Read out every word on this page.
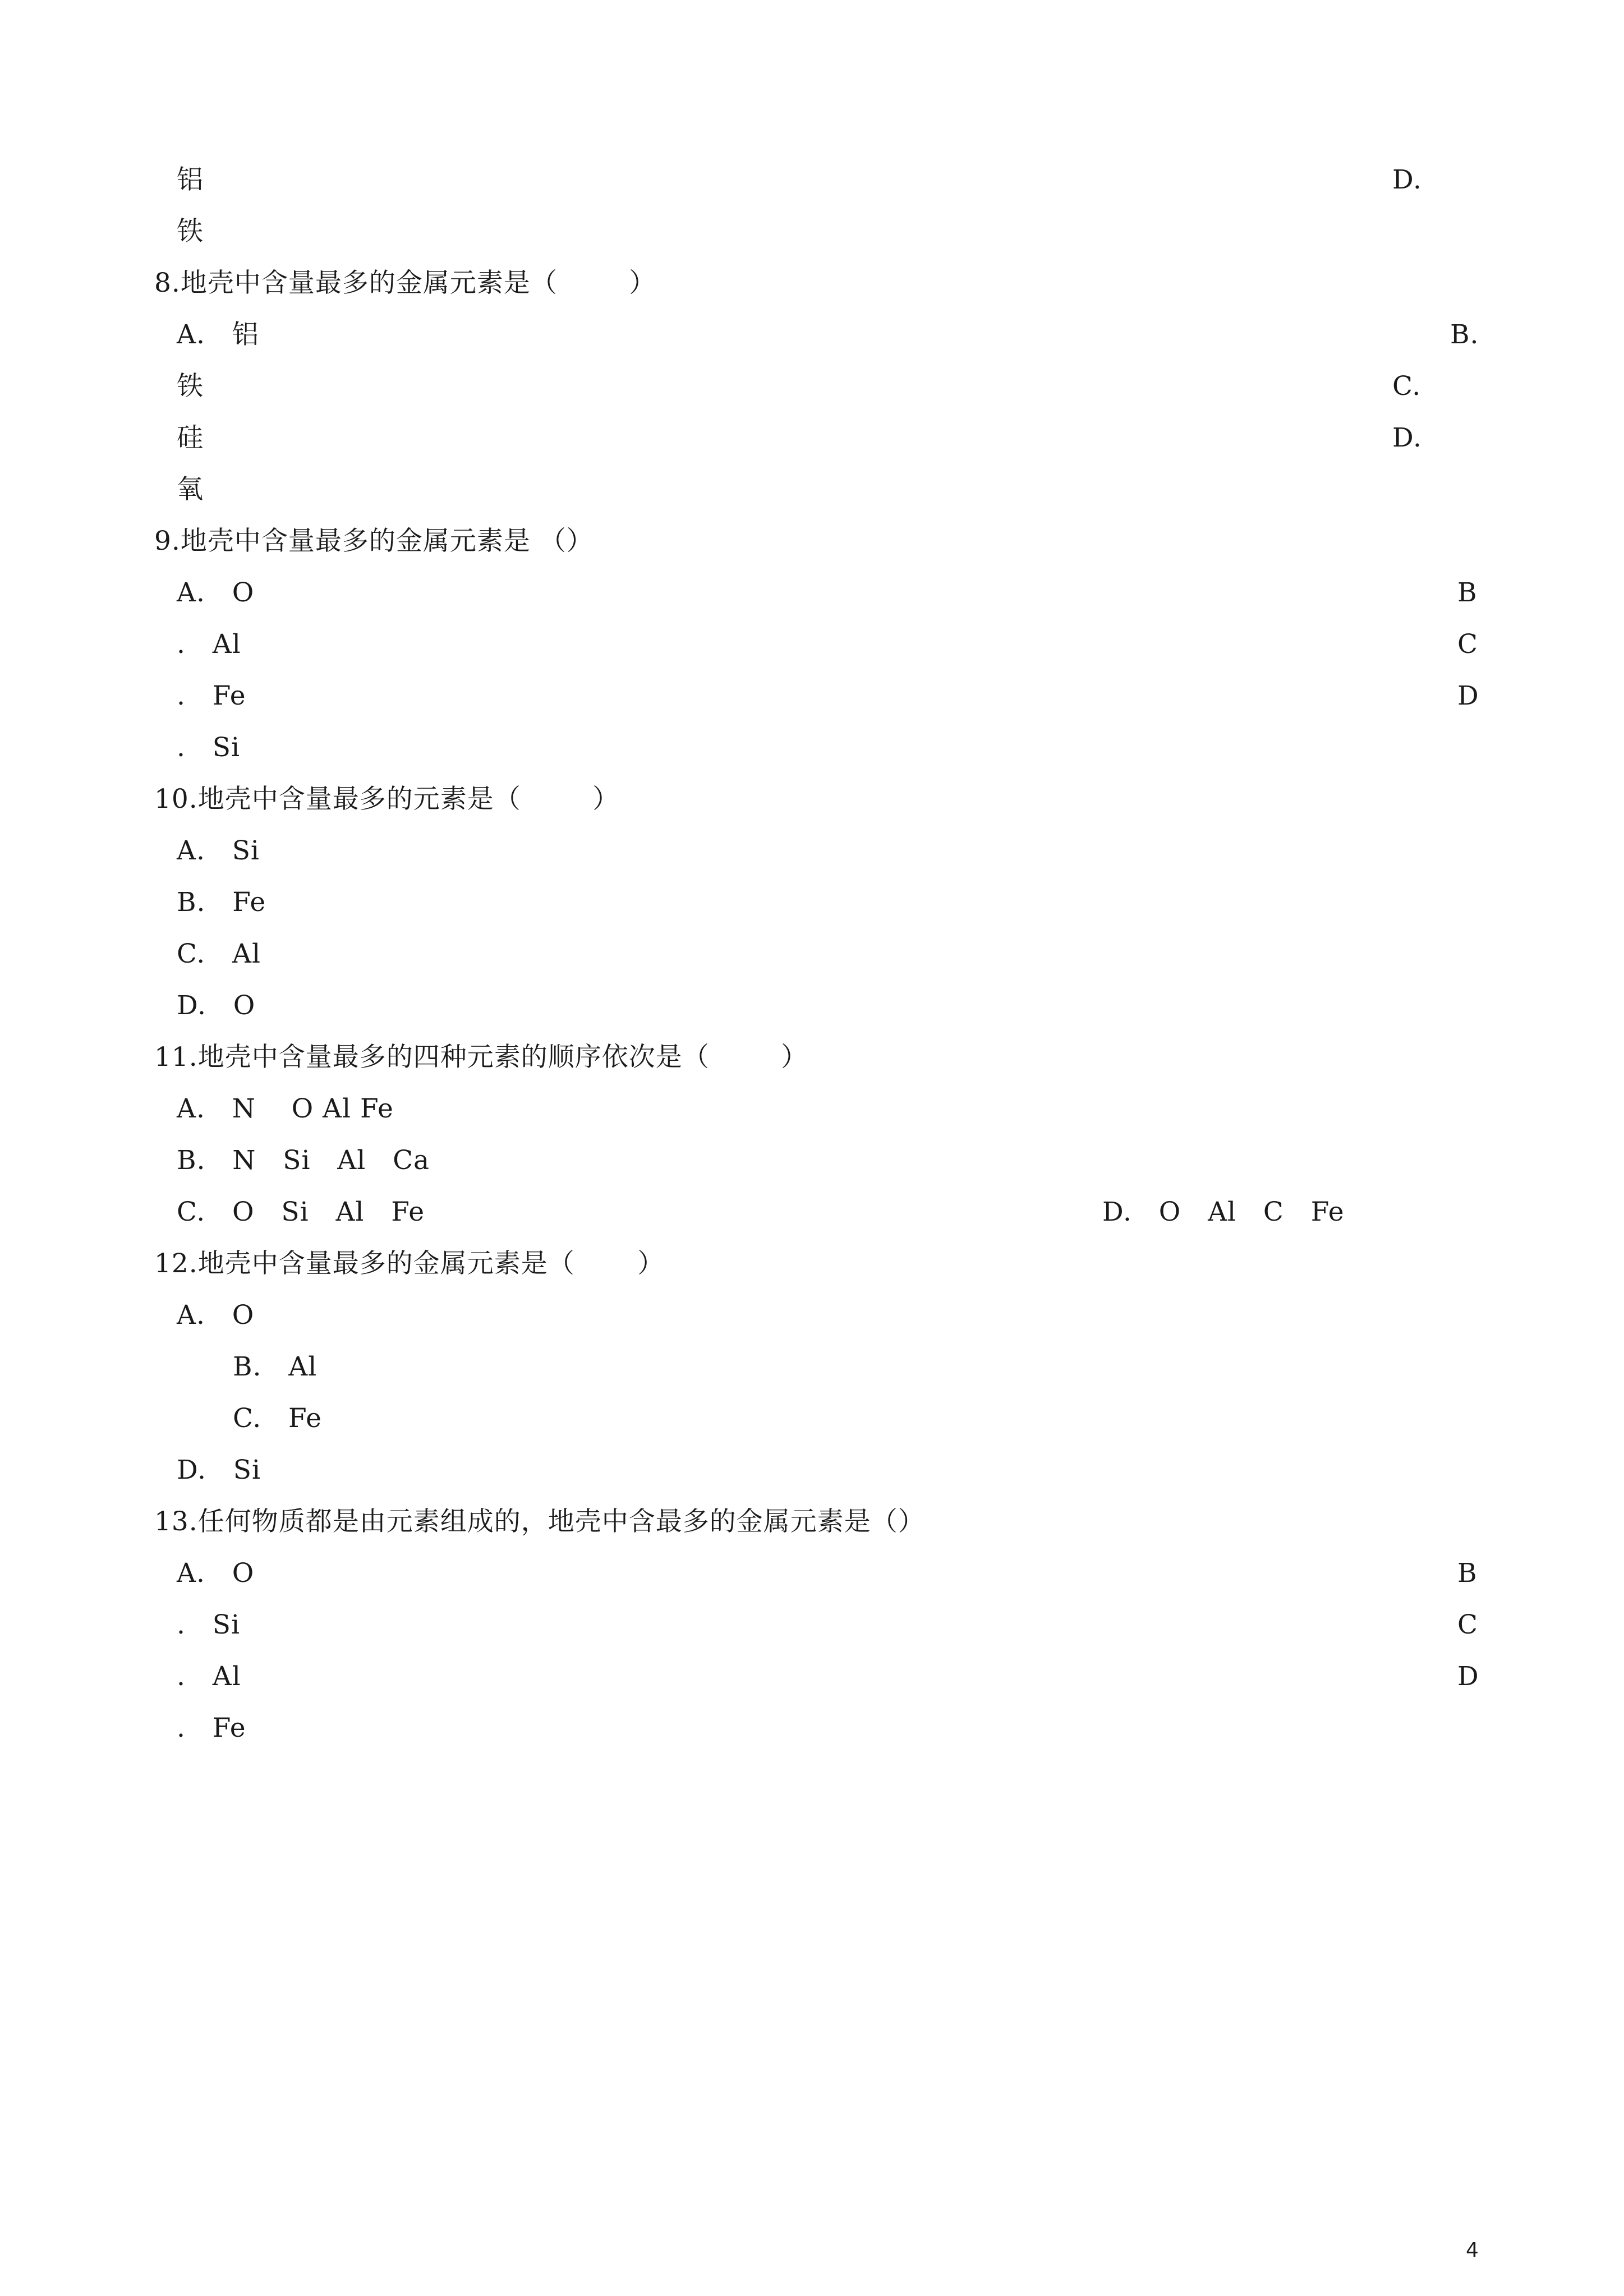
铝	D.
铁
8.地壳中含量最多的金属元素是（        ）
A.   铝	B.
铁	C.
硅	D.
氧
9.地壳中含量最多的金属元素是 （）
A.   O	B
.   Al	C
.   Fe	D
.   Si
10.地壳中含量最多的元素是（        ）
A.   Si
B.   Fe
C.   Al
D.   O
11.地壳中含量最多的四种元素的顺序依次是（        ）
A.   N    O Al Fe
B.   N   Si   Al   Ca
C.   O   Si   Al   Fe	D.   O   Al   C   Fe
12.地壳中含量最多的金属元素是（       ）
A.   O
B.   Al
C.   Fe
D.   Si
13.任何物质都是由元素组成的，地壳中含最多的金属元素是（）
A.   O	B
.   Si	C
.   Al	D
.   Fe
4
